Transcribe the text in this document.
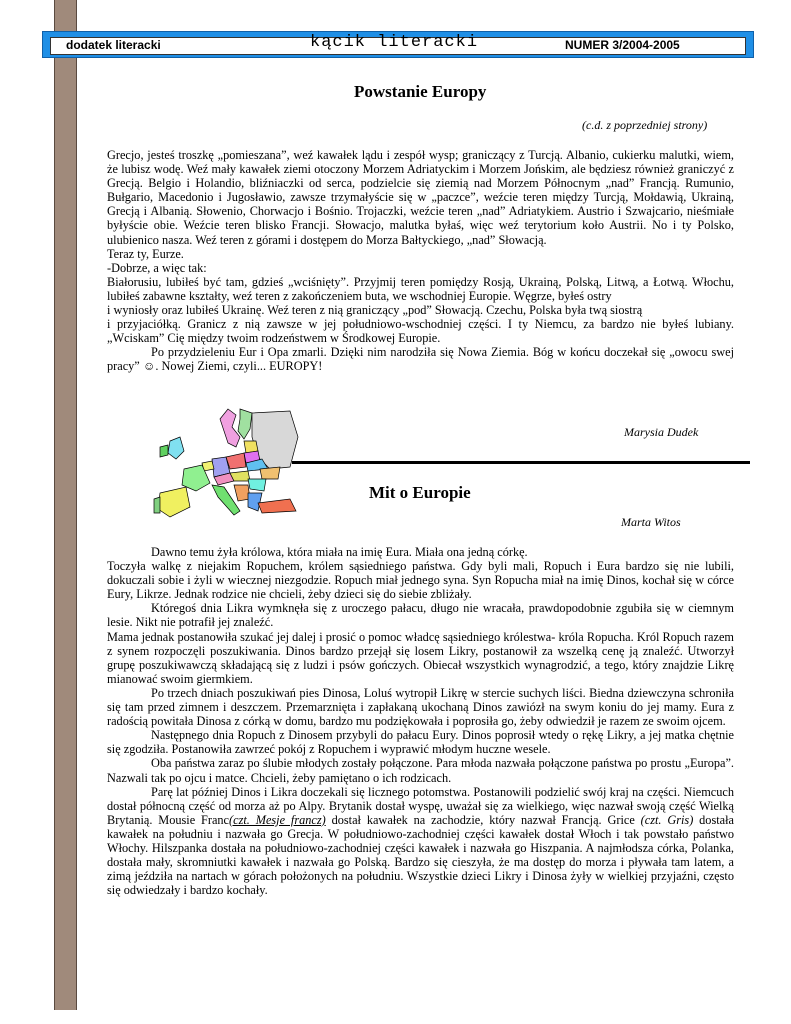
dodatek literacki	kącik literacki	NUMER 3/2004-2005
Powstanie Europy
(c.d. z poprzedniej strony)

Grecjo, jesteś troszkę „pomieszana”, weź kawałek lądu i zespół wysp; graniczący z Turcją. Albanio, cukierku malutki, wiem, że lubisz wodę. Weź mały kawałek ziemi otoczony Morzem Adriatyckim i Morzem Jońskim, ale będziesz również graniczyć z Grecją. Belgio i Holandio, bliźniaczki od serca, podzielcie się ziemią nad Morzem Północnym „nad” Francją. Rumunio, Bułgario, Macedonio i Jugosławio, zawsze trzymałyście się w „paczce”, weźcie teren między Turcją, Mołdawią, Ukrainą, Grecją i Albanią. Słowenio, Chorwacjo i Bośnio. Trojaczki, weźcie teren „nad” Adriatykiem. Austrio i Szwajcario, nieśmiałe byłyście obie. Weźcie teren blisko Francji. Słowacjo, malutka byłaś, więc weź terytorium koło Austrii. No i ty Polsko, ulubienico nasza. Weź teren z górami i dostępem do Morza Bałtyckiego, „nad” Słowacją.

Teraz ty, Eurze.

-Dobrze, a więc tak:

Białorusiu, lubiłeś być tam, gdzieś „wciśnięty”. Przyjmij teren pomiędzy Rosją, Ukrainą, Polską, Litwą, a Łotwą. Włochu, lubiłeś zabawne kształty, weź teren z zakończeniem buta, we wschodniej Europie. Węgrze, byłeś ostry

i wyniosły oraz lubiłeś Ukrainę. Weź teren z nią graniczący „pod” Słowacją. Czechu, Polska była twą siostrą

i przyjaciółką. Granicz z nią zawsze w jej południowo-wschodniej części. I ty Niemcu, za bardzo nie byłeś lubiany. „Wciskam” Cię między twoim rodzeństwem w Środkowej Europie.

Po przydzieleniu Eur i Opa zmarli. Dzięki nim narodziła się Nowa Ziemia. Bóg w końcu doczekał się „owocu swej pracy” ☺. Nowej Ziemi, czyli... EUROPY!

Marysia Dudek
Mit o Europie
Marta Witos

Dawno temu żyła królowa, która miała na imię Eura. Miała ona jedną córkę.

Toczyła walkę z niejakim Ropuchem, królem sąsiedniego państwa. Gdy byli mali, Ropuch i Eura bardzo się nie lubili, dokuczali sobie i żyli w wiecznej niezgodzie. Ropuch miał jednego syna. Syn Ropucha miał na imię Dinos, kochał się w córce Eury, Likrze. Jednak rodzice nie chcieli, żeby dzieci się do siebie zbliżały.

Któregoś dnia Likra wymknęła się z uroczego pałacu, długo nie wracała, prawdopodobnie zgubiła się w ciemnym lesie. Nikt nie potrafił jej znaleźć.

Mama jednak postanowiła szukać jej dalej i prosić o pomoc władcę sąsiedniego królestwa- króla Ropucha. Król Ropuch razem z synem rozpoczęli poszukiwania. Dinos bardzo przejął się losem Likry, postanowił za wszelką cenę ją znaleźć. Utworzył grupę poszukiwawczą składającą się z ludzi i psów gończych. Obiecał wszystkich wynagrodzić, a tego, który znajdzie Likrę mianować swoim giermkiem.

Po trzech dniach poszukiwań pies Dinosa, Loluś wytropił Likrę w stercie suchych liści. Biedna dziewczyna schroniła się tam przed zimnem i deszczem. Przemarznięta i zapłakaną ukochaną Dinos zawiózł na swym koniu do jej mamy. Eura z radością powitała Dinosa z córką w domu, bardzo mu podziękowała i poprosiła go, żeby odwiedził je razem ze swoim ojcem.

Następnego dnia Ropuch z Dinosem przybyli do pałacu Eury. Dinos poprosił wtedy o rękę Likry, a jej matka chętnie się zgodziła. Postanowiła zawrzeć pokój z Ropuchem i wyprawić młodym huczne wesele.

Oba państwa zaraz po ślubie młodych zostały połączone. Para młoda nazwała połączone państwa po prostu „Europa”. Nazwali tak po ojcu i matce. Chcieli, żeby pamiętano o ich rodzicach.

Parę lat później Dinos i Likra doczekali się licznego potomstwa. Postanowili podzielić swój kraj na części. Niemcuch dostał północną część od morza aż po Alpy. Brytanik dostał wyspę, uważał się za wielkiego, więc nazwał swoją część Wielką Brytanią. Mousie Franc(czt. Mesje francz) dostał kawałek na zachodzie, który nazwał Francją. Grice (czt. Gris) dostała kawałek na południu i nazwała go Grecja. W południowo-zachodniej części kawałek dostał Włoch i tak powstało państwo Włochy. Hilszpanka dostała na południowo-zachodniej części kawałek i nazwała go Hiszpania. A najmłodsza córka, Polanka, dostała mały, skromniutki kawałek i nazwała go Polską. Bardzo się cieszyła, że ma dostęp do morza i pływała tam latem, a zimą jeździła na nartach w górach położonych na południu. Wszystkie dzieci Likry i Dinosa żyły w wielkiej przyjaźni, często się odwiedzały i bardzo kochały.
